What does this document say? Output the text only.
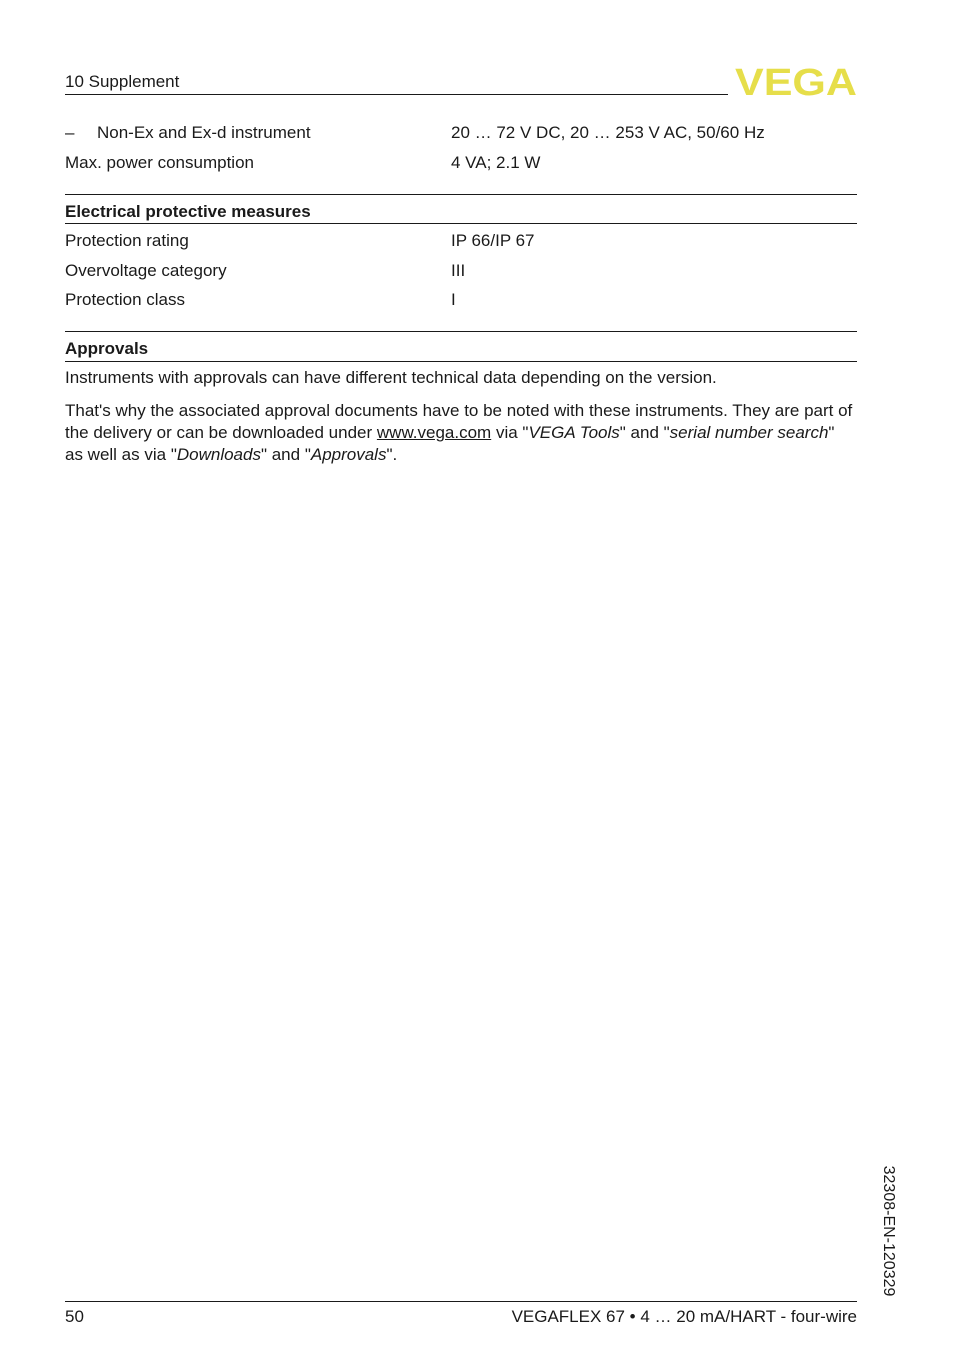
10 Supplement	VEGA
– Non-Ex and Ex-d instrument	20 … 72 V DC, 20 … 253 V AC, 50/60 Hz
Max. power consumption	4 VA; 2.1 W
Electrical protective measures
Protection rating	IP 66/IP 67
Overvoltage category	III
Protection class	I
Approvals
Instruments with approvals can have different technical data depending on the version.
That's why the associated approval documents have to be noted with these instruments. They are part of the delivery or can be downloaded under www.vega.com via "VEGA Tools" and "serial number search" as well as via "Downloads" and "Approvals".
32308-EN-120329
50	VEGAFLEX 67 • 4 … 20 mA/HART - four-wire
